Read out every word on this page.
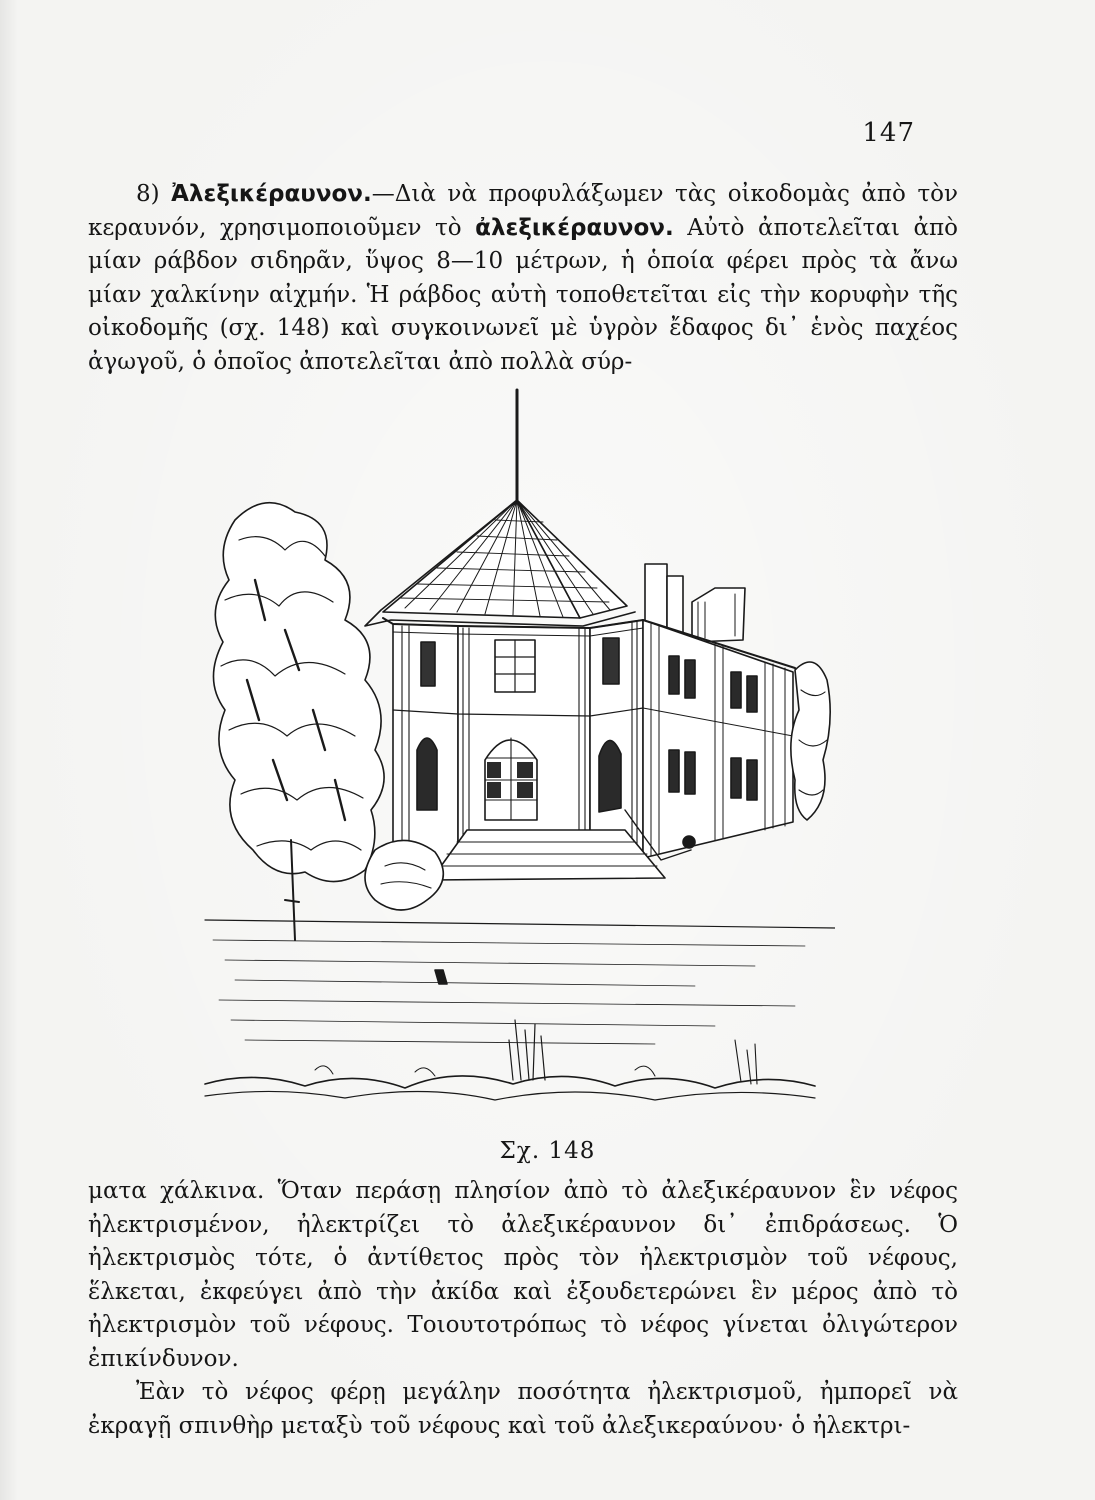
147

8) Ἀλεξικέραυνον.—Διὰ νὰ προφυλάξωμεν τὰς οἰκοδομὰς ἀπὸ τὸν κεραυνόν, χρησιμοποιοῦμεν τὸ ἀλεξικέραυνον. Αὐτὸ ἀποτελεῖται ἀπὸ μίαν ράβδον σιδηρᾶν, ὕψος 8—10 μέτρων, ἡ ὁποία φέρει πρὸς τὰ ἄνω μίαν χαλκίνην αἰχμήν. Ἡ ράβδος αὐτὴ τοποθετεῖται εἰς τὴν κορυφὴν τῆς οἰκοδομῆς (σχ. 148) καὶ συγκοινωνεῖ μὲ ὑγρὸν ἔδαφος δι᾽ ἑνὸς παχέος ἀγωγοῦ, ὁ ὁποῖος ἀποτελεῖται ἀπὸ πολλὰ σύρ-

Σχ. 148

ματα χάλκινα. Ὅταν περάσῃ πλησίον ἀπὸ τὸ ἀλεξικέραυνον ἓν νέφος ἠλεκτρισμένον, ἠλεκτρίζει τὸ ἀλεξικέραυνον δι᾽ ἐπιδράσεως. Ὁ ἠλεκτρισμὸς τότε, ὁ ἀντίθετος πρὸς τὸν ἠλεκτρισμὸν τοῦ νέφους, ἕλκεται, ἐκφεύγει ἀπὸ τὴν ἀκίδα καὶ ἐξουδετερώνει ἓν μέρος ἀπὸ τὸ ἠλεκτρισμὸν τοῦ νέφους. Τοιουτοτρόπως τὸ νέφος γίνεται ὀλιγώτερον ἐπικίνδυνον.

Ἐὰν τὸ νέφος φέρῃ μεγάλην ποσότητα ἠλεκτρισμοῦ, ἠμπορεῖ νὰ ἐκραγῇ σπινθὴρ μεταξὺ τοῦ νέφους καὶ τοῦ ἀλεξικεραύνου· ὁ ἠλεκτρι-
